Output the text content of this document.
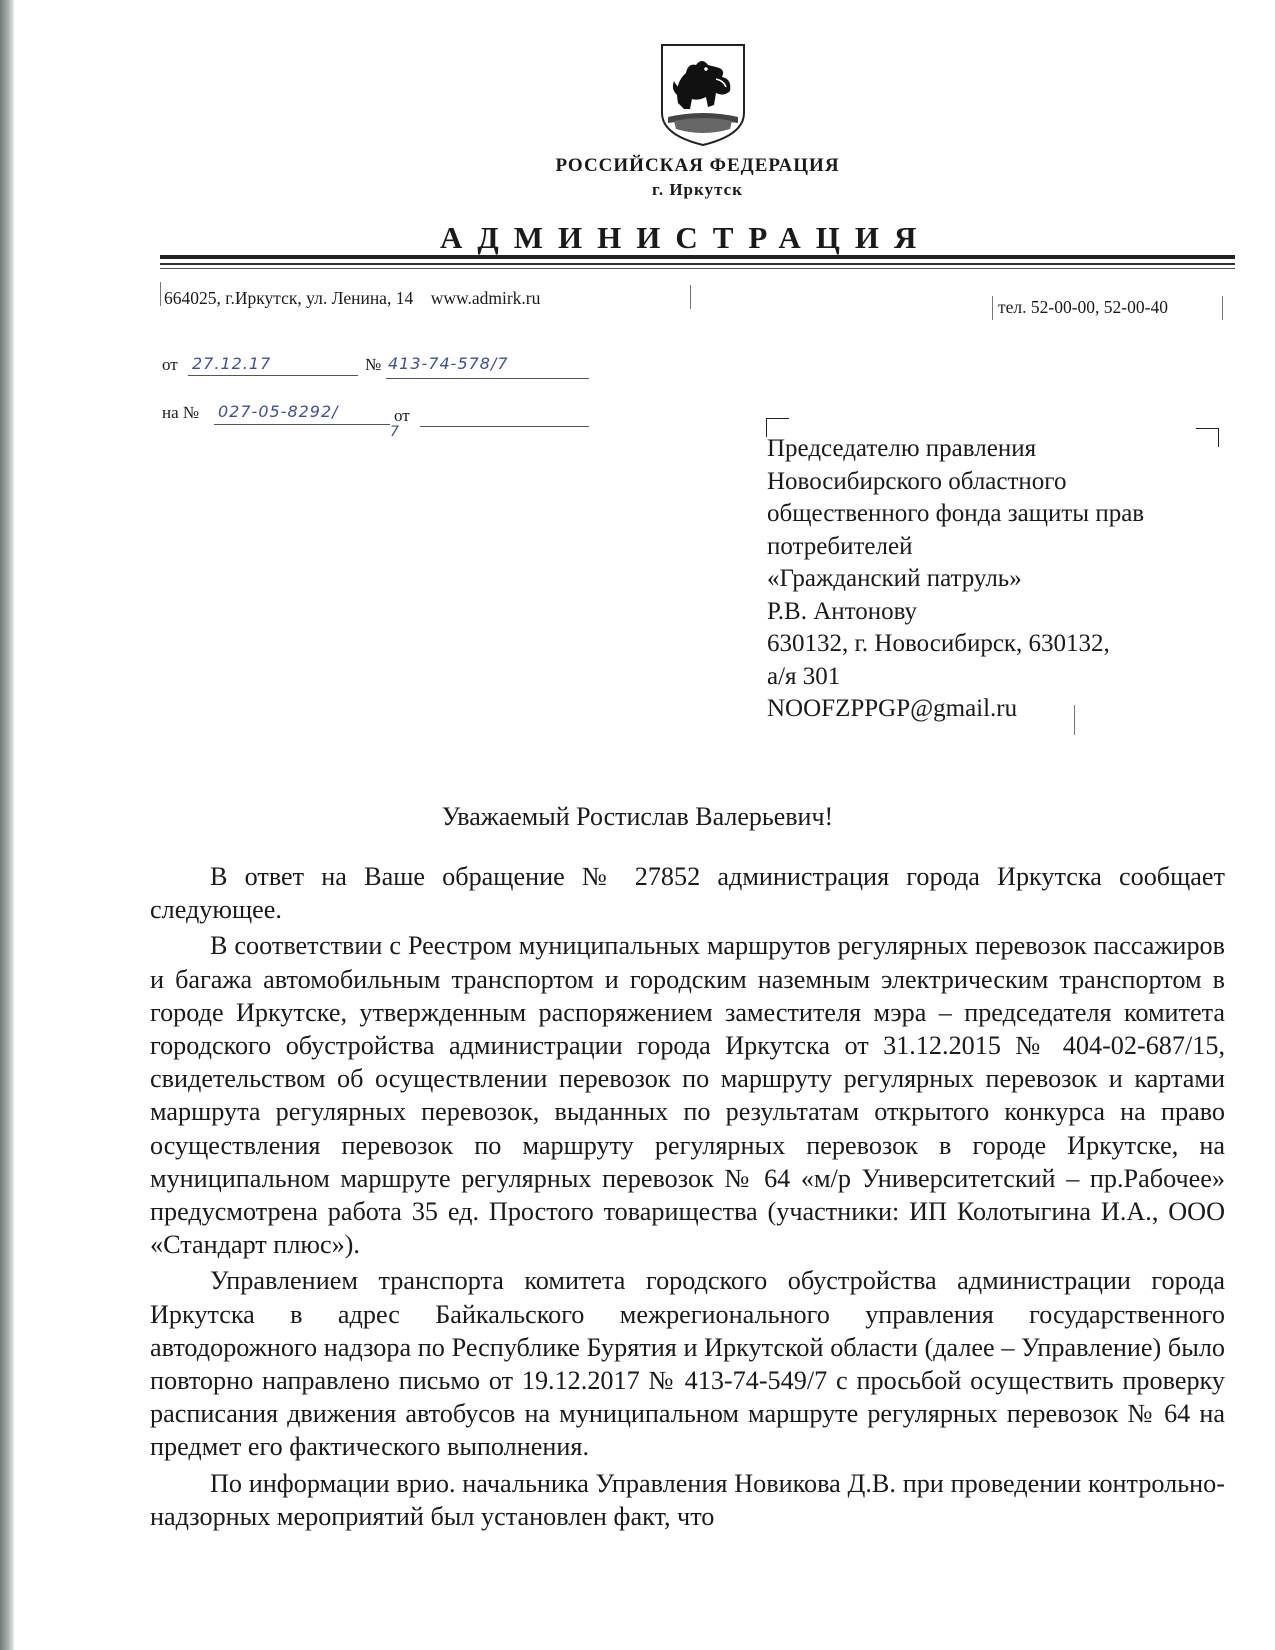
РОССИЙСКАЯ ФЕДЕРАЦИЯ
г. Иркутск
АДМИНИСТРАЦИЯ
664025, г.Иркутск, ул. Ленина, 14 www.admirk.ru	тел. 52-00-00, 52-00-40
от 27.12.17	№ 413-74-578/7
на № 027-05-8292/
7
от
Председателю правления
Новосибирского областного
общественного фонда защиты прав
потребителей
«Гражданский патруль»
Р.В. Антонову
630132, г. Новосибирск, 630132,
а/я 301
NOOFZPPGP@gmail.ru
Уважаемый Ростислав Валерьевич!

В ответ на Ваше обращение № 27852 администрация города Иркутска сообщает следующее.

В соответствии с Реестром муниципальных маршрутов регулярных перевозок пассажиров и багажа автомобильным транспортом и городским наземным электрическим транспортом в городе Иркутске, утвержденным распоряжением заместителя мэра – председателя комитета городского обустройства администрации города Иркутска от 31.12.2015 № 404-02-687/15, свидетельством об осуществлении перевозок по маршруту регулярных перевозок и картами маршрута регулярных перевозок, выданных по результатам открытого конкурса на право осуществления перевозок по маршруту регулярных перевозок в городе Иркутске, на муниципальном маршруте регулярных перевозок № 64 «м/р Университетский – пр.Рабочее» предусмотрена работа 35 ед. Простого товарищества (участники: ИП Колотыгина И.А., ООО «Стандарт плюс»).

Управлением транспорта комитета городского обустройства администрации города Иркутска в адрес Байкальского межрегионального управления государственного автодорожного надзора по Республике Бурятия и Иркутской области (далее – Управление) было повторно направлено письмо от 19.12.2017 № 413-74-549/7 с просьбой осуществить проверку расписания движения автобусов на муниципальном маршруте регулярных перевозок № 64 на предмет его фактического выполнения.

По информации врио. начальника Управления Новикова Д.В. при проведении контрольно-надзорных мероприятий был установлен факт, что
